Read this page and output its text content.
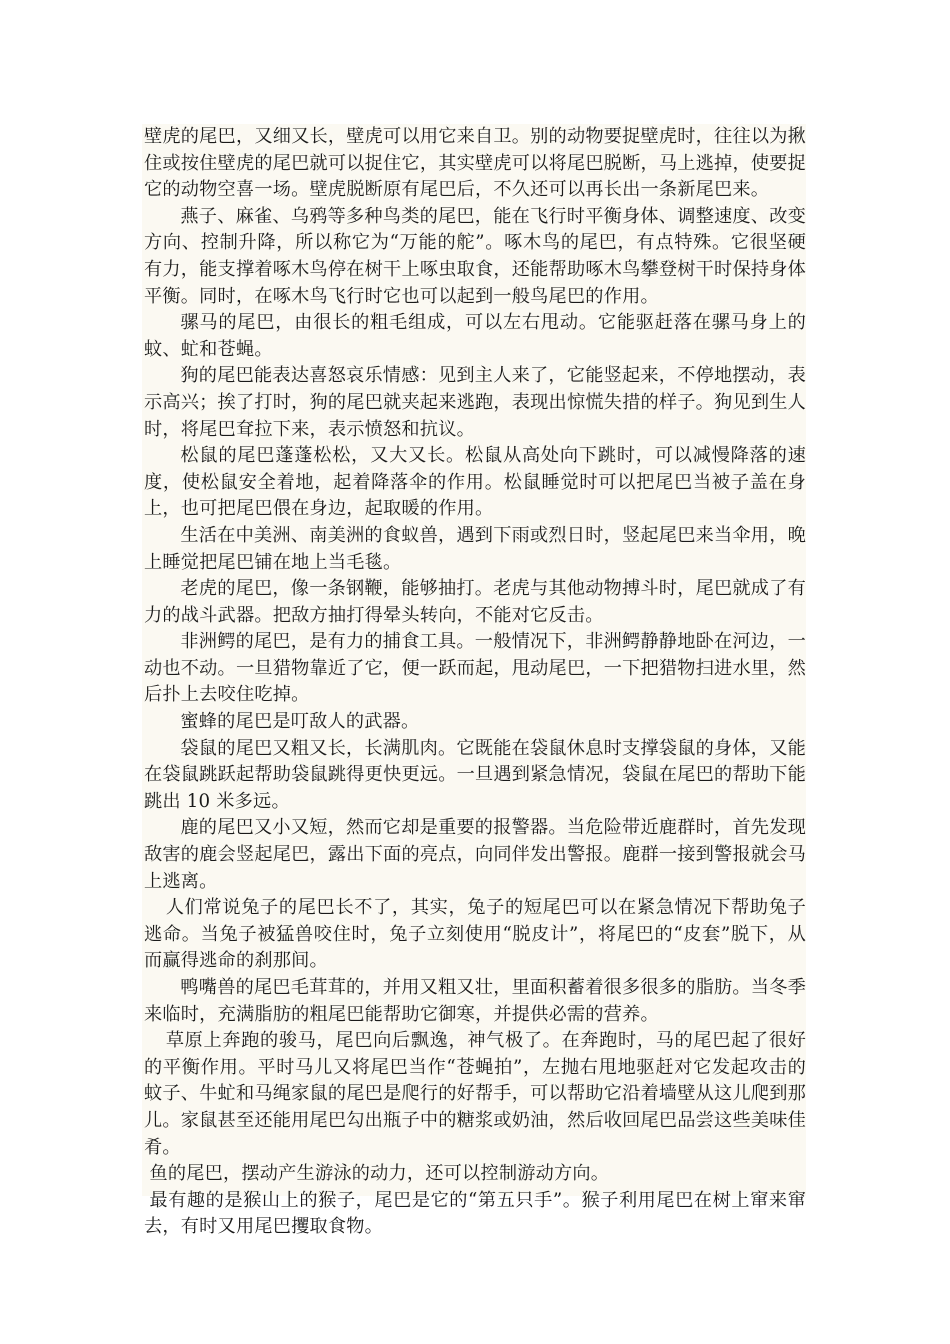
壁虎的尾巴，又细又长，壁虎可以用它来自卫。别的动物要捉壁虎时，往往以为揪住或按住壁虎的尾巴就可以捉住它，其实壁虎可以将尾巴脱断，马上逃掉，使要捉它的动物空喜一场。壁虎脱断原有尾巴后，不久还可以再长出一条新尾巴来。

燕子、麻雀、乌鸦等多种鸟类的尾巴，能在飞行时平衡身体、调整速度、改变方向、控制升降，所以称它为“万能的舵”。啄木鸟的尾巴，有点特殊。它很坚硬有力，能支撑着啄木鸟停在树干上啄虫取食，还能帮助啄木鸟攀登树干时保持身体平衡。同时，在啄木鸟飞行时它也可以起到一般鸟尾巴的作用。

骡马的尾巴，由很长的粗毛组成，可以左右甩动。它能驱赶落在骡马身上的蚊、虻和苍蝇。

狗的尾巴能表达喜怒哀乐情感：见到主人来了，它能竖起来，不停地摆动，表示高兴；挨了打时，狗的尾巴就夹起来逃跑，表现出惊慌失措的样子。狗见到生人时，将尾巴耷拉下来，表示愤怒和抗议。

松鼠的尾巴蓬蓬松松，又大又长。松鼠从高处向下跳时，可以减慢降落的速度，使松鼠安全着地，起着降落伞的作用。松鼠睡觉时可以把尾巴当被子盖在身上，也可把尾巴偎在身边，起取暖的作用。

生活在中美洲、南美洲的食蚁兽，遇到下雨或烈日时，竖起尾巴来当伞用，晚上睡觉把尾巴铺在地上当毛毯。

老虎的尾巴，像一条钢鞭，能够抽打。老虎与其他动物搏斗时，尾巴就成了有力的战斗武器。把敌方抽打得晕头转向，不能对它反击。

非洲鳄的尾巴，是有力的捕食工具。一般情况下，非洲鳄静静地卧在河边，一动也不动。一旦猎物靠近了它，便一跃而起，甩动尾巴，一下把猎物扫进水里，然后扑上去咬住吃掉。

蜜蜂的尾巴是叮敌人的武器。

袋鼠的尾巴又粗又长，长满肌肉。它既能在袋鼠休息时支撑袋鼠的身体，又能在袋鼠跳跃起帮助袋鼠跳得更快更远。一旦遇到紧急情况，袋鼠在尾巴的帮助下能跳出 10 米多远。

鹿的尾巴又小又短，然而它却是重要的报警器。当危险带近鹿群时，首先发现敌害的鹿会竖起尾巴，露出下面的亮点，向同伴发出警报。鹿群一接到警报就会马上逃离。

人们常说兔子的尾巴长不了，其实，兔子的短尾巴可以在紧急情况下帮助兔子逃命。当兔子被猛兽咬住时，兔子立刻使用“脱皮计”，将尾巴的“皮套”脱下，从而赢得逃命的刹那间。

鸭嘴兽的尾巴毛茸茸的，并用又粗又壮，里面积蓄着很多很多的脂肪。当冬季来临时，充满脂肪的粗尾巴能帮助它御寒，并提供必需的营养。

草原上奔跑的骏马，尾巴向后飘逸，神气极了。在奔跑时，马的尾巴起了很好的平衡作用。平时马儿又将尾巴当作“苍蝇拍”，左抛右甩地驱赶对它发起攻击的蚊子、牛虻和马绳家鼠的尾巴是爬行的好帮手，可以帮助它沿着墙壁从这儿爬到那儿。家鼠甚至还能用尾巴勾出瓶子中的糖浆或奶油，然后收回尾巴品尝这些美味佳肴。

鱼的尾巴，摆动产生游泳的动力，还可以控制游动方向。

最有趣的是猴山上的猴子，尾巴是它的“第五只手”。猴子利用尾巴在树上窜来窜去，有时又用尾巴攫取食物。
